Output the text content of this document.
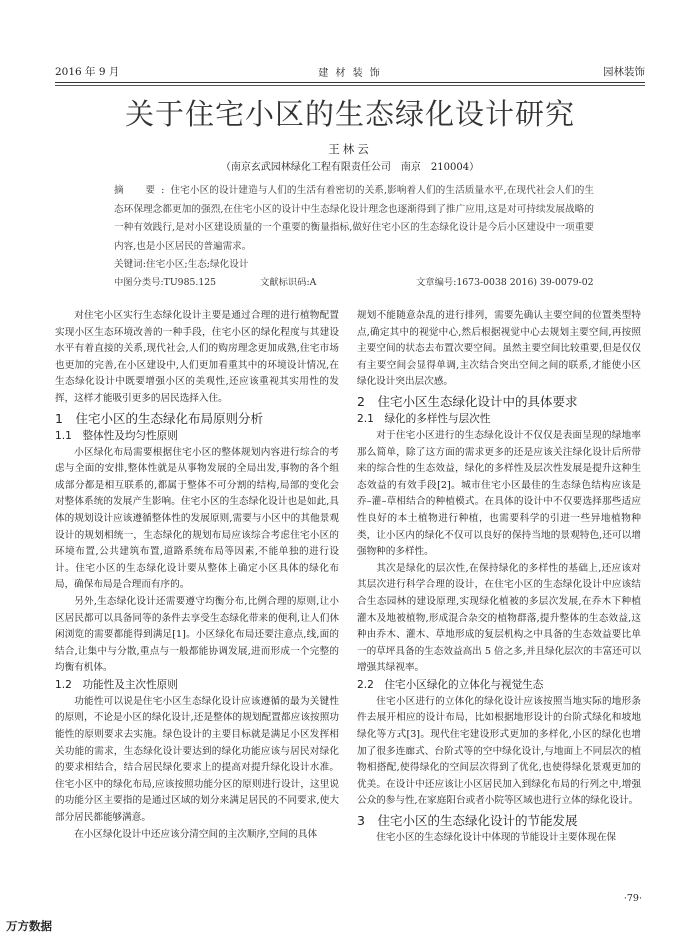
2016 年 9 月	建 材 装 饰	园林装饰
关于住宅小区的生态绿化设计研究
王林云
（南京玄武园林绿化工程有限责任公司　南京　210004）
摘　要:住宅小区的设计建造与人们的生活有着密切的关系,影响着人们的生活质量水平,在现代社会人们的生态环保理念都更加的强烈,在住宅小区的设计中生态绿化设计理念也逐渐得到了推广应用,这是对可持续发展战略的一种有效践行,是对小区建设质量的一个重要的衡量指标,做好住宅小区的生态绿化设计是今后小区建设中一项重要内容,也是小区居民的普遍需求。
关键词:住宅小区;生态;绿化设计
中图分类号:TU985.125	文献标识码:A	文章编号:1673-0038 2016) 39-0079-02

对住宅小区实行生态绿化设计主要是通过合理的进行植物配置实现小区生态环境改善的一种手段，住宅小区的绿化程度与其建设水平有着直接的关系,现代社会,人们的购房理念更加成熟,住宅市场也更加的完善,在小区建设中,人们更加看重其中的环境设计情况,在生态绿化设计中既要增强小区的美观性,还应该重视其实用性的发挥，这样才能吸引更多的居民选择入住。

1　住宅小区的生态绿化布局原则分析
1.1　整体性及均匀性原则

小区绿化布局需要根据住宅小区的整体规划内容进行综合的考虑与全面的安排,整体性就是从事物发展的全局出发,事物的各个组成部分都是相互联系的,都属于整体不可分割的结构,局部的变化会对整体系统的发展产生影响。住宅小区的生态绿化设计也是如此,具体的规划设计应该遵循整体性的发展原则,需要与小区中的其他景观设计的规划相统一，生态绿化的规划布局应该综合考虑住宅小区的环境布置,公共建筑布置,道路系统布局等因素,不能单独的进行设计。住宅小区的生态绿化设计要从整体上确定小区具体的绿化布局，确保布局是合理而有序的。

另外,生态绿化设计还需要遵守均衡分布,比例合理的原则,让小区居民都可以具备同等的条件去享受生态绿化带来的便利,让人们休闲浏览的需要都能得到满足[1]。小区绿化布局还要注意点,线,面的结合,让集中与分散,重点与一般都能协调发展,进而形成一个完整的均衡有机体。

1.2　功能性及主次性原则

功能性可以说是住宅小区生态绿化设计应该遵循的最为关键性的原则，不论是小区的绿化设计,还是整体的规划配置都应该按照功能性的原则要求去实施。绿色设计的主要目标就是满足小区发挥相关功能的需求，生态绿化设计要达到的绿化功能应该与居民对绿化的要求相结合，结合居民绿化要求上的提高对提升绿化设计水准。住宅小区中的绿化布局,应该按照功能分区的原则进行设计，这里说的功能分区主要指的是通过区域的划分来满足居民的不同要求,使大部分居民都能够满意。

在小区绿化设计中还应该分清空间的主次顺序,空间的具体

规划不能随意杂乱的进行排列，需要先确认主要空间的位置类型特点,确定其中的视觉中心,然后根据视觉中心去规划主要空间,再按照主要空间的状态去布置次要空间。虽然主要空间比较重要,但是仅仅有主要空间会显得单调,主次结合突出空间之间的联系,才能使小区绿化设计突出层次感。

2　住宅小区生态绿化设计中的具体要求
2.1　绿化的多样性与层次性

对于住宅小区进行的生态绿化设计不仅仅是表面呈现的绿地率那么简单，除了这方面的需求更多的还是应该关注绿化设计后所带来的综合性的生态效益，绿化的多样性及层次性发展是提升这种生态效益的有效手段[2]。城市住宅小区最佳的生态绿色结构应该是乔–灌–草相结合的种植模式。在具体的设计中不仅要选择那些适应性良好的本土植物进行种植，也需要科学的引进一些异地植物种类，让小区内的绿化不仅可以良好的保持当地的景观特色,还可以增强物种的多样性。

其次是绿化的层次性,在保持绿化的多样性的基础上,还应该对其层次进行科学合理的设计，在住宅小区的生态绿化设计中应该结合生态园林的建设原理,实现绿化植被的多层次发展,在乔木下种植灌木及地被植物,形成混合杂交的植物群落,提升整体的生态效益,这种由乔木、灌木、草地形成的复层机构之中具备的生态效益要比单一的草坪具备的生态效益高出 5 倍之多,并且绿化层次的丰富还可以增强其绿视率。

2.2　住宅小区绿化的立体化与视觉生态

住宅小区进行的立体化的绿化设计应该按照当地实际的地形条件去展开相应的设计布局，比如根据地形设计的台阶式绿化和坡地绿化等方式[3]。现代住宅建设形式更加的多样化,小区的绿化也增加了很多连廊式、台阶式等的空中绿化设计,与地面上不同层次的植物相搭配,使得绿化的空间层次得到了优化,也使得绿化景观更加的优美。在设计中还应该让小区居民加入到绿化布局的行列之中,增强公众的参与性,在家庭阳台或者小院等区域也进行立体的绿化设计。

3　住宅小区的生态绿化设计的节能发展

住宅小区的生态绿化设计中体现的节能设计主要体现在保

·79·
万方数据
